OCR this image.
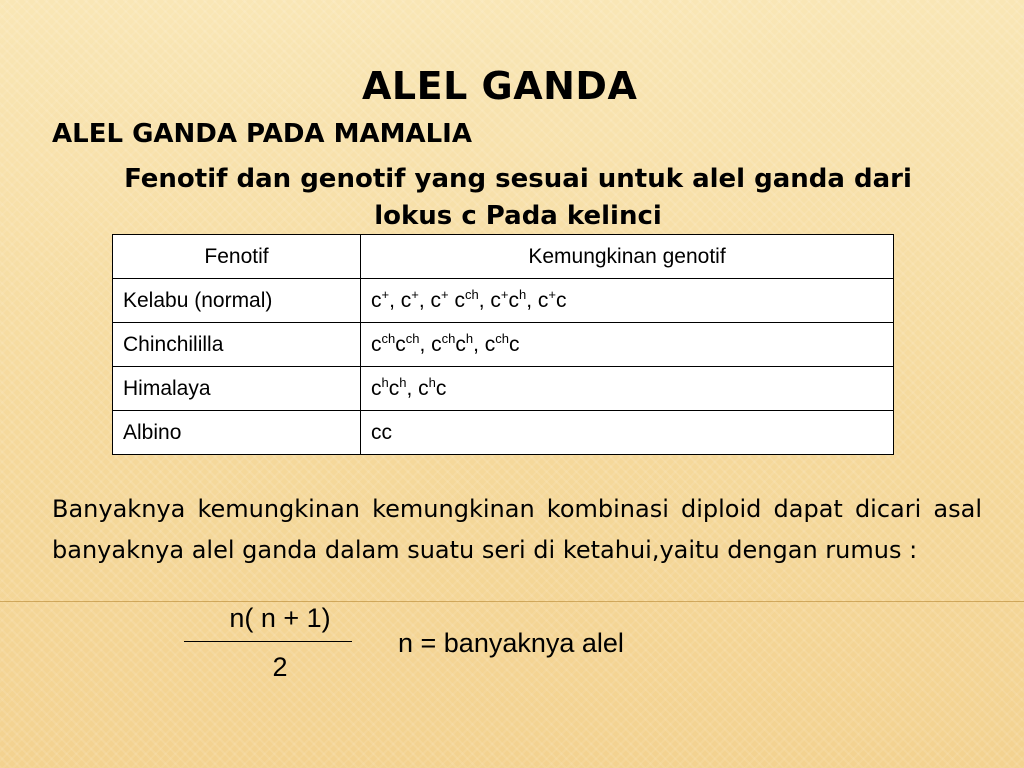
ALEL GANDA
ALEL GANDA PADA MAMALIA
Fenotif dan genotif yang sesuai untuk alel ganda dari lokus c Pada kelinci
Fenotif	Kemungkinan genotif
Kelabu (normal)	c+, c+, c+ $c^{ch}$, $c^+c^h$, c+c
Chinchililla	$c^{ch}c^{ch}$, $c^{ch}c^h$, $c^{ch}c$
Himalaya	$c^hc^h$, $c^hc$
Albino	cc
Banyaknya kemungkinan kemungkinan kombinasi diploid dapat dicari asal banyaknya alel ganda dalam suatu seri di ketahui,yaitu dengan rumus :
n( n + 1)
2
n = banyaknya alel
